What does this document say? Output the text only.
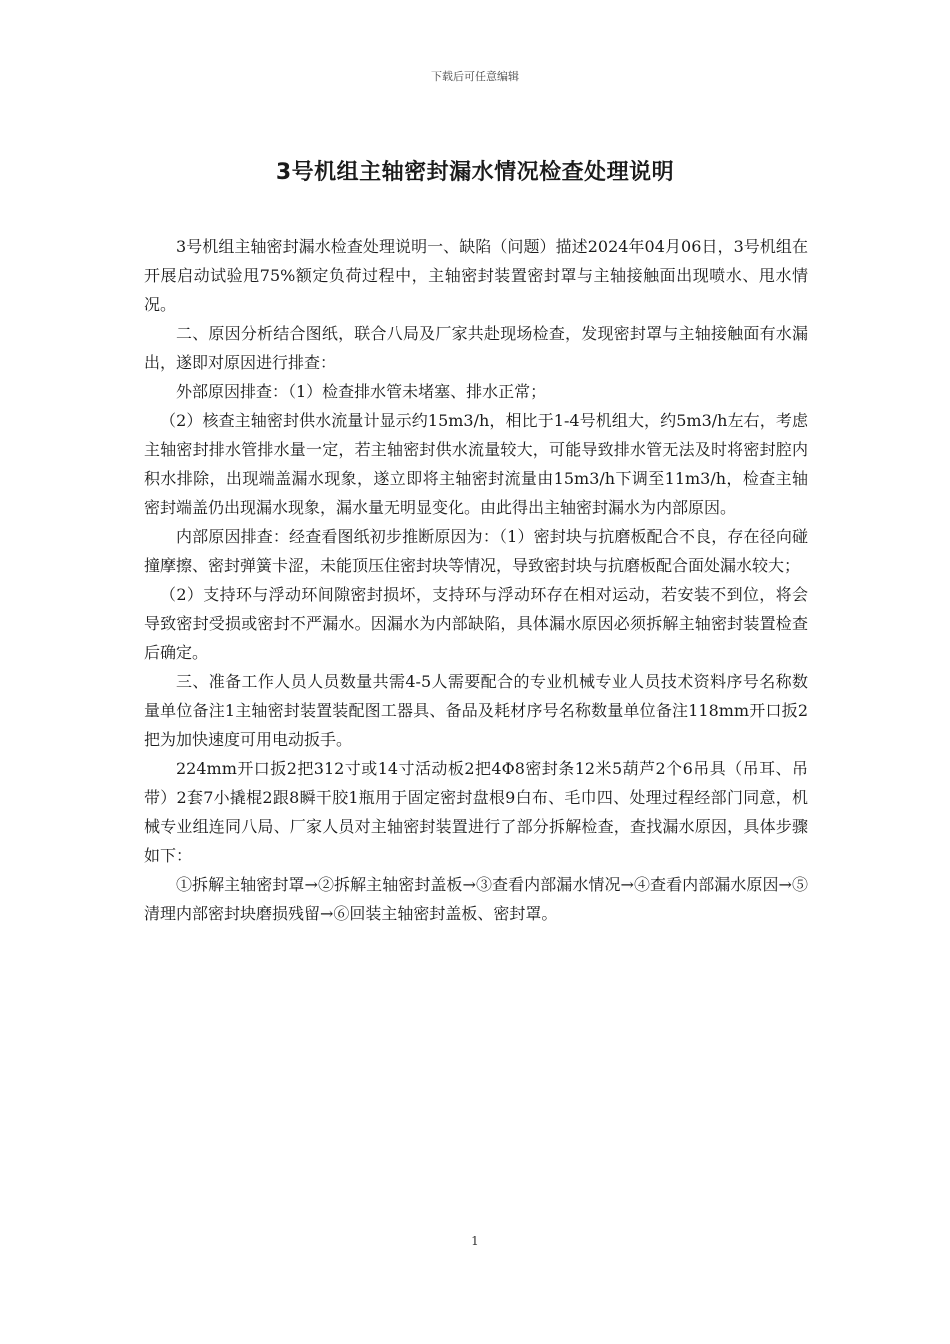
下载后可任意编辑
3号机组主轴密封漏水情况检查处理说明

3号机组主轴密封漏水检查处理说明一、缺陷（问题）描述2024年04月06日，3号机组在开展启动试验甩75%额定负荷过程中，主轴密封装置密封罩与主轴接触面出现喷水、甩水情况。

二、原因分析结合图纸，联合八局及厂家共赴现场检查，发现密封罩与主轴接触面有水漏出，遂即对原因进行排查：

外部原因排查：（1）检查排水管未堵塞、排水正常；

（2）核查主轴密封供水流量计显示约15m3/h，相比于1-4号机组大，约5m3/h左右，考虑主轴密封排水管排水量一定，若主轴密封供水流量较大，可能导致排水管无法及时将密封腔内积水排除，出现端盖漏水现象，遂立即将主轴密封流量由15m3/h下调至11m3/h，检查主轴密封端盖仍出现漏水现象，漏水量无明显变化。由此得出主轴密封漏水为内部原因。

内部原因排查：经查看图纸初步推断原因为：（1）密封块与抗磨板配合不良，存在径向碰撞摩擦、密封弹簧卡涩，未能顶压住密封块等情况，导致密封块与抗磨板配合面处漏水较大；

（2）支持环与浮动环间隙密封损坏，支持环与浮动环存在相对运动，若安装不到位，将会导致密封受损或密封不严漏水。因漏水为内部缺陷，具体漏水原因必须拆解主轴密封装置检查后确定。

三、准备工作人员人员数量共需4-5人需要配合的专业机械专业人员技术资料序号名称数量单位备注1主轴密封装置装配图工器具、备品及耗材序号名称数量单位备注118mm开口扳2把为加快速度可用电动扳手。

224mm开口扳2把312寸或14寸活动板2把4Φ8密封条12米5葫芦2个6吊具（吊耳、吊带）2套7小撬棍2跟8瞬干胶1瓶用于固定密封盘根9白布、毛巾四、处理过程经部门同意，机械专业组连同八局、厂家人员对主轴密封装置进行了部分拆解检查，查找漏水原因，具体步骤如下：

①拆解主轴密封罩→②拆解主轴密封盖板→③查看内部漏水情况→④查看内部漏水原因→⑤清理内部密封块磨损残留→⑥回装主轴密封盖板、密封罩。

1
